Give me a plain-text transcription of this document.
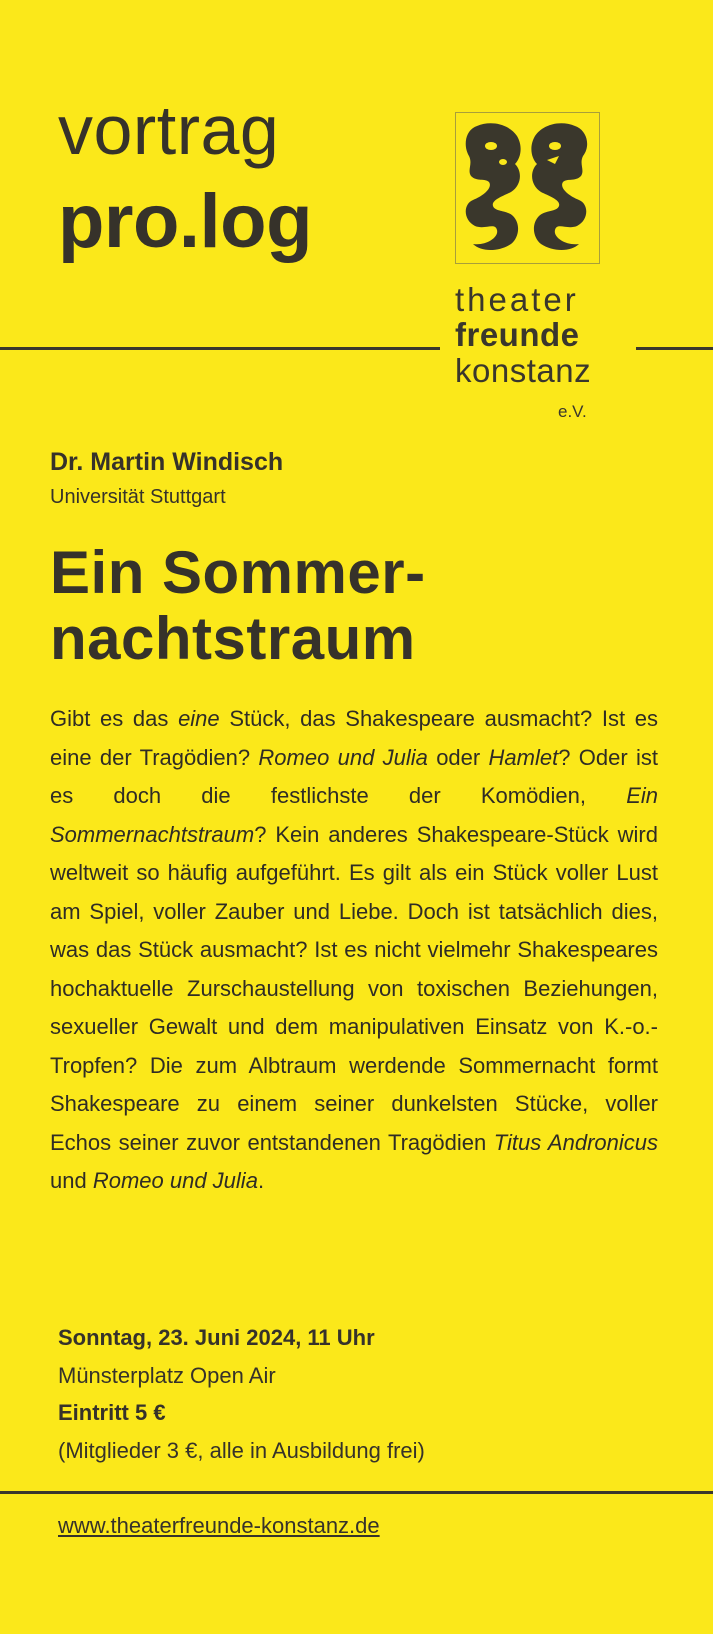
vortrag
pro.log
theater
freunde
konstanz
e.V.
Dr. Martin Windisch
Universität Stuttgart
Ein Sommer-
nachtstraum
Gibt es das eine Stück, das Shakespeare ausmacht? Ist es eine der Tragödien? Romeo und Julia oder Hamlet? Oder ist es doch die festlichste der Komödien, Ein Sommernachtstraum? Kein anderes Shakespeare-Stück wird weltweit so häufig aufgeführt. Es gilt als ein Stück voller Lust am Spiel, voller Zauber und Liebe. Doch ist tatsächlich dies, was das Stück ausmacht? Ist es nicht vielmehr Shakespeares hochaktuelle Zurschaustellung von toxischen Beziehungen, sexueller Gewalt und dem manipulativen Einsatz von K.-o.-Tropfen? Die zum Albtraum werdende Sommernacht formt Shakespeare zu einem seiner dunkelsten Stücke, voller Echos seiner zuvor entstandenen Tragödien Titus Andronicus und Romeo und Julia.
Sonntag, 23. Juni 2024, 11 Uhr
Münsterplatz Open Air
Eintritt 5 €
(Mitglieder 3 €, alle in Ausbildung frei)
www.theaterfreunde-konstanz.de
